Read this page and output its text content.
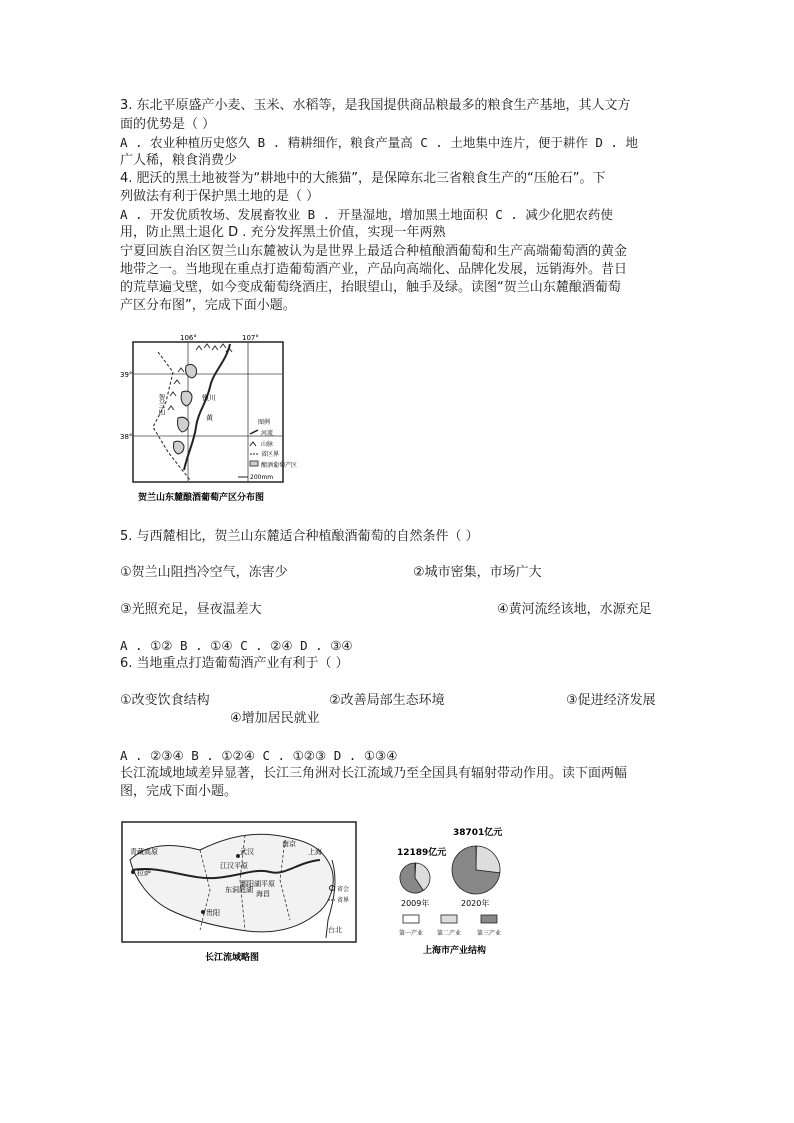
3. 东北平原盛产小麦、玉米、水稻等，是我国提供商品粮最多的粮食生产基地，其人文方
面的优势是（ ）
A . 农业种植历史悠久 B . 精耕细作，粮食产量高 C . 土地集中连片，便于耕作 D . 地
广人稀，粮食消费少
4. 肥沃的黑土地被誉为“耕地中的大熊猫”，是保障东北三省粮食生产的“压舱石”。下
列做法有利于保护黑土地的是（ ）
A . 开发优质牧场、发展畜牧业 B . 开垦湿地，增加黑土地面积 C . 减少化肥农药使
用，防止黑土退化 D . 充分发挥黑土价值，实现一年两熟
宁夏回族自治区贺兰山东麓被认为是世界上最适合种植酿酒葡萄和生产高端葡萄酒的黄金
地带之一。当地现在重点打造葡萄酒产业，产品向高端化、品牌化发展，远销海外。昔日
的荒草遍戈壁，如今变成葡萄绕酒庄，抬眼望山，触手及绿。读图“贺兰山东麓酿酒葡萄
产区分布图”，完成下面小题。
106°	107°
39°
38°
贺兰山	银川
黄
图例
河流
山脉
省区界
酿酒葡萄产区
200mm
贺兰山东麓酿酒葡萄产区分布图
5. 与西麓相比，贺兰山东麓适合种植酿酒葡萄的自然条件（ ）
①贺兰山阻挡冷空气，冻害少	②城市密集，市场广大
③光照充足，昼夜温差大	④黄河流经该地，水源充足
A . ①② B . ①④ C . ②④ D . ③④
6. 当地重点打造葡萄酒产业有利于（ ）
①改变饮食结构	②改善局部生态环境	③促进经济发展
④增加居民就业
A . ②③④ B . ①②④ C . ①②③ D . ①③④
长江流域地域差异显著，长江三角洲对长江流域乃至全国具有辐射带动作用。读下面两幅
图，完成下面小题。
青藏高原
拉萨
武汉
南京
上海
江汉平原
鄱阳湖平原
海昌
贵阳
东洞庭湖
台北
省会
省界
长江流域略图
12189亿元
38701亿元
2009年	2020年
第一产业 第二产业	第三产业
上海市产业结构
